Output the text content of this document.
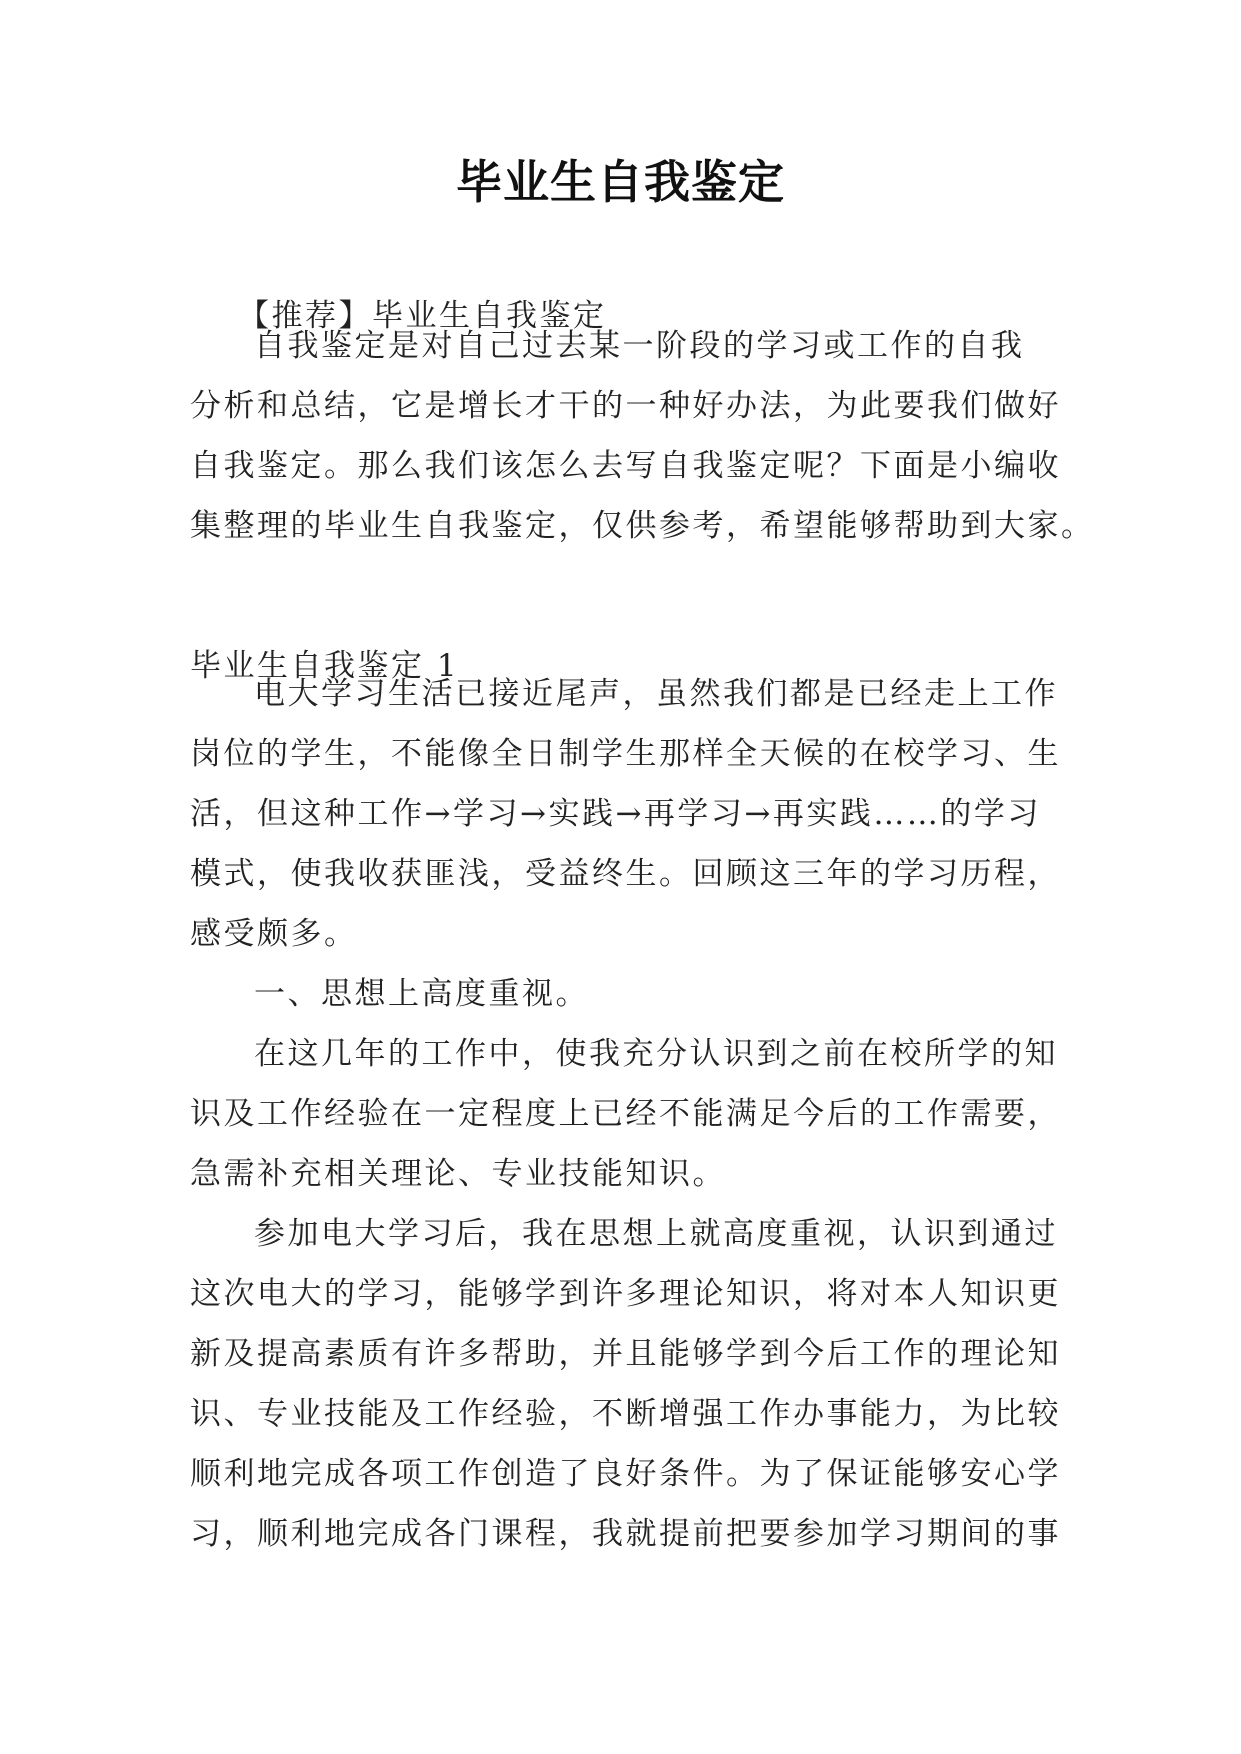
毕业生自我鉴定
【推荐】毕业生自我鉴定
自我鉴定是对自己过去某一阶段的学习或工作的自我
分析和总结，它是增长才干的一种好办法，为此要我们做好
自我鉴定。那么我们该怎么去写自我鉴定呢？下面是小编收
集整理的毕业生自我鉴定，仅供参考，希望能够帮助到大家。
毕业生自我鉴定 1
电大学习生活已接近尾声，虽然我们都是已经走上工作
岗位的学生，不能像全日制学生那样全天候的在校学习、生
活，但这种工作→学习→实践→再学习→再实践……的学习
模式，使我收获匪浅，受益终生。回顾这三年的学习历程，
感受颇多。
一、思想上高度重视。
在这几年的工作中，使我充分认识到之前在校所学的知
识及工作经验在一定程度上已经不能满足今后的工作需要，
急需补充相关理论、专业技能知识。
参加电大学习后，我在思想上就高度重视，认识到通过
这次电大的学习，能够学到许多理论知识，将对本人知识更
新及提高素质有许多帮助，并且能够学到今后工作的理论知
识、专业技能及工作经验，不断增强工作办事能力，为比较
顺利地完成各项工作创造了良好条件。为了保证能够安心学
习，顺利地完成各门课程，我就提前把要参加学习期间的事
